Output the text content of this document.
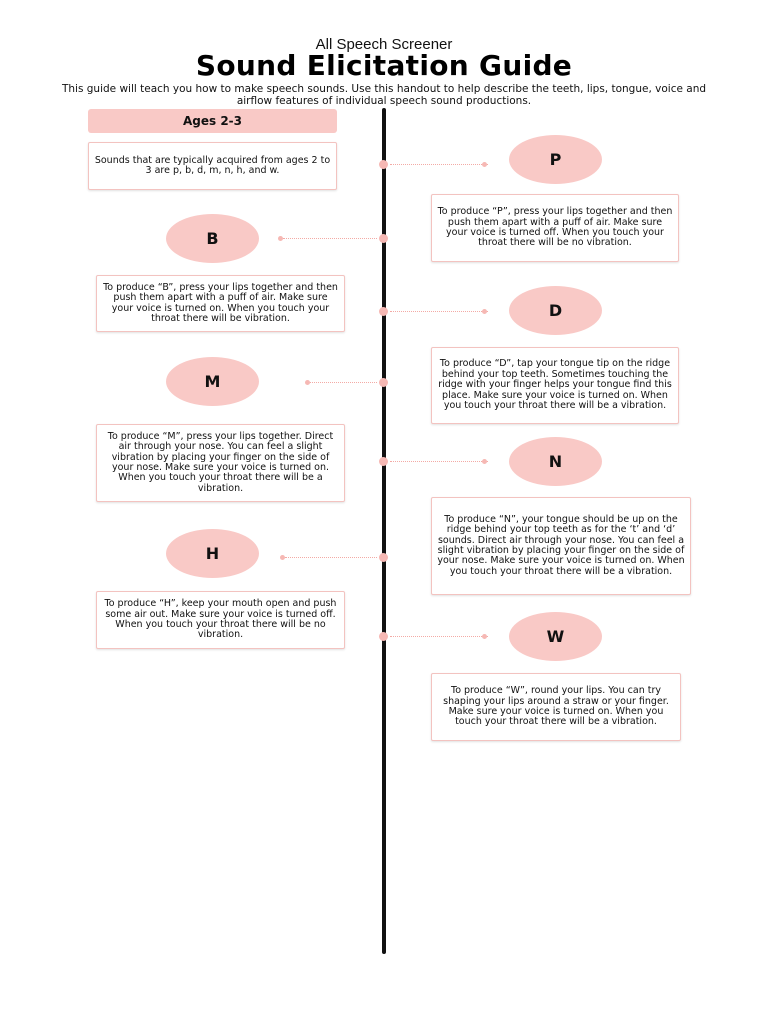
All Speech Screener
Sound Elicitation Guide
This guide will teach you how to make speech sounds. Use this handout to help describe the teeth, lips, tongue, voice and airflow features of individual speech sound productions.
Ages 2-3
Sounds that are typically acquired from ages 2 to 3 are p, b, d, m, n, h, and w.
P
To produce “P”, press your lips together and then push them apart with a puff of air. Make sure your voice is turned off. When you touch your throat there will be no vibration.
B
To produce “B”, press your lips together and then push them apart with a puff of air. Make sure your voice is turned on. When you touch your throat there will be vibration.	D
To produce “D”, tap your tongue tip on the ridge behind your top teeth. Sometimes touching the ridge with your finger helps your tongue find this place. Make sure your voice is turned on. When you touch your throat there will be a vibration.
M
To produce “M”, press your lips together. Direct air through your nose. You can feel a slight vibration by placing your finger on the side of your nose. Make sure your voice is turned on. When you touch your throat there will be a vibration.
N
To produce “N”, your tongue should be up on the ridge behind your top teeth as for the ‘t’ and ‘d’ sounds. Direct air through your nose. You can feel a slight vibration by placing your finger on the side of your nose. Make sure your voice is turned on. When you touch your throat there will be a vibration.
H
To produce “H”, keep your mouth open and push some air out. Make sure your voice is turned off. When you touch your throat there will be no vibration.	W
To produce “W”, round your lips. You can try shaping your lips around a straw or your finger. Make sure your voice is turned on. When you touch your throat there will be a vibration.
